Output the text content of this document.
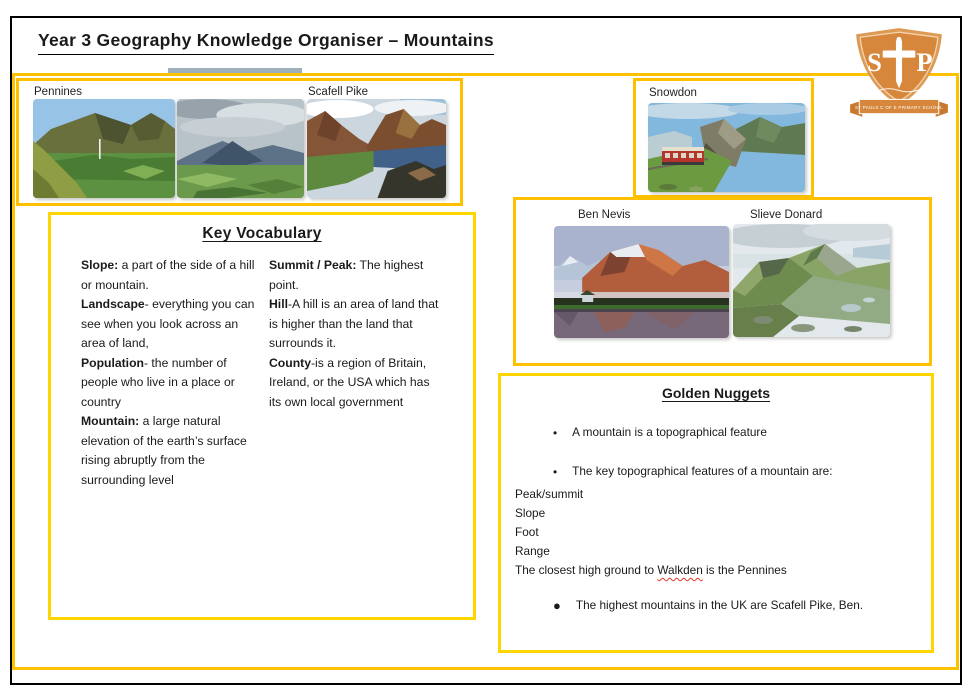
Year 3 Geography Knowledge Organiser – Mountains
Pennines	Scafell Pike	Snowdon
S P
ST PAULS C OF E PRIMARY SCHOOL
Ben Nevis	Slieve Donard
Key Vocabulary

Slope: a part of the side of a hill or mountain.

Landscape- everything you can see when you look across an area of land,

Population- the number of people who live in a place or country

Mountain: a large natural elevation of the earth’s surface rising abruptly from the surrounding level

Summit / Peak: The highest point.

Hill-A hill is an area of land that is higher than the land that surrounds it.

County-is a region of Britain, Ireland, or the USA which has its own local government

Golden Nuggets
• A mountain is a topographical feature
• The key topographical features of a mountain are:

Peak/summit

Slope

Foot

Range

The closest high ground to Walkden is the Pennines

● The highest mountains in the UK are Scafell Pike, Ben.
